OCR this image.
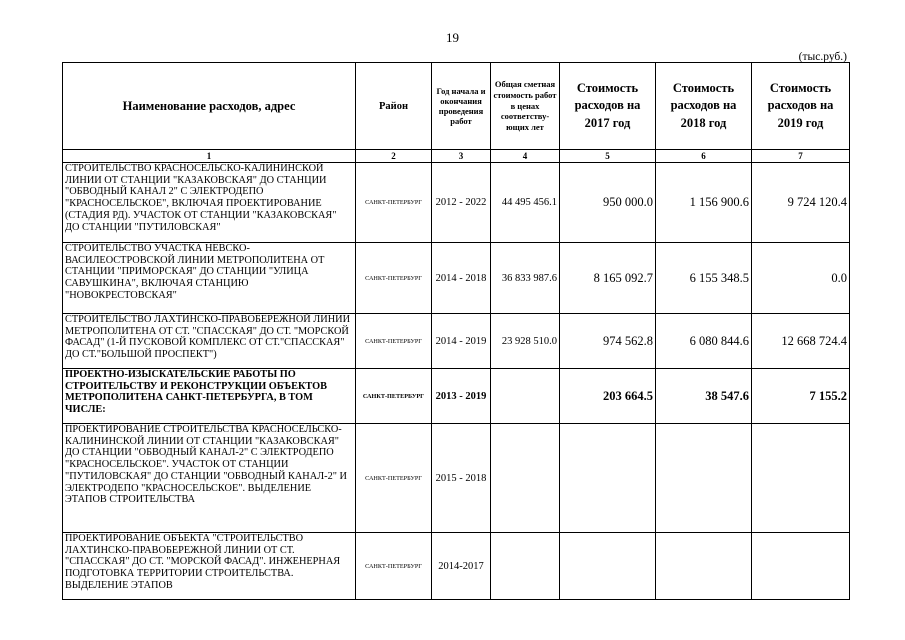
19
(тыс.руб.)
Наименование расходов, адрес	Район	Год начала и окончания проведения работ	Общая сметная стоимость работ в ценах соответству-ющих лет	Стоимость расходов на 2017 год	Стоимость расходов на 2018 год	Стоимость расходов на 2019 год
1	2	3	4	5	6	7
СТРОИТЕЛЬСТВО КРАСНОСЕЛЬСКО-КАЛИНИНСКОЙ ЛИНИИ ОТ СТАНЦИИ "КАЗАКОВСКАЯ" ДО СТАНЦИИ "ОБВОДНЫЙ КАНАЛ 2" С ЭЛЕКТРОДЕПО "КРАСНОСЕЛЬСКОЕ", ВКЛЮЧАЯ ПРОЕКТИРОВАНИЕ (СТАДИЯ РД). УЧАСТОК ОТ СТАНЦИИ "КАЗАКОВСКАЯ" ДО СТАНЦИИ "ПУТИЛОВСКАЯ"	САНКТ-ПЕТЕРБУРГ	2012 - 2022	44 495 456.1	950 000.0	1 156 900.6	9 724 120.4
СТРОИТЕЛЬСТВО УЧАСТКА НЕВСКО-ВАСИЛЕОСТРОВСКОЙ ЛИНИИ МЕТРОПОЛИТЕНА ОТ СТАНЦИИ "ПРИМОРСКАЯ" ДО СТАНЦИИ "УЛИЦА САВУШКИНА", ВКЛЮЧАЯ СТАНЦИЮ "НОВОКРЕСТОВСКАЯ"	САНКТ-ПЕТЕРБУРГ	2014 - 2018	36 833 987.6	8 165 092.7	6 155 348.5	0.0
СТРОИТЕЛЬСТВО ЛАХТИНСКО-ПРАВОБЕРЕЖНОЙ ЛИНИИ МЕТРОПОЛИТЕНА ОТ СТ. "СПАССКАЯ" ДО СТ. "МОРСКОЙ ФАСАД" (1-Й ПУСКОВОЙ КОМПЛЕКС ОТ СТ."СПАССКАЯ" ДО СТ."БОЛЬШОЙ ПРОСПЕКТ")	САНКТ-ПЕТЕРБУРГ	2014 - 2019	23 928 510.0	974 562.8	6 080 844.6	12 668 724.4
ПРОЕКТНО-ИЗЫСКАТЕЛЬСКИЕ РАБОТЫ ПО СТРОИТЕЛЬСТВУ И РЕКОНСТРУКЦИИ ОБЪЕКТОВ МЕТРОПОЛИТЕНА САНКТ-ПЕТЕРБУРГА, В ТОМ ЧИСЛЕ:	САНКТ-ПЕТЕРБУРГ	2013 - 2019		203 664.5	38 547.6	7 155.2
ПРОЕКТИРОВАНИЕ СТРОИТЕЛЬСТВА КРАСНОСЕЛЬСКО-КАЛИНИНСКОЙ ЛИНИИ ОТ СТАНЦИИ "КАЗАКОВСКАЯ" ДО СТАНЦИИ "ОБВОДНЫЙ КАНАЛ-2" С ЭЛЕКТРОДЕПО "КРАСНОСЕЛЬСКОЕ". УЧАСТОК ОТ СТАНЦИИ "ПУТИЛОВСКАЯ" ДО СТАНЦИИ "ОБВОДНЫЙ КАНАЛ-2" И ЭЛЕКТРОДЕПО "КРАСНОСЕЛЬСКОЕ". ВЫДЕЛЕНИЕ ЭТАПОВ СТРОИТЕЛЬСТВА	САНКТ-ПЕТЕРБУРГ	2015 - 2018				
ПРОЕКТИРОВАНИЕ ОБЪЕКТА "СТРОИТЕЛЬСТВО ЛАХТИНСКО-ПРАВОБЕРЕЖНОЙ ЛИНИИ ОТ СТ. "СПАССКАЯ" ДО СТ. "МОРСКОЙ ФАСАД". ИНЖЕНЕРНАЯ ПОДГОТОВКА ТЕРРИТОРИИ СТРОИТЕЛЬСТВА. ВЫДЕЛЕНИЕ ЭТАПОВ	САНКТ-ПЕТЕРБУРГ	2014-2017				
